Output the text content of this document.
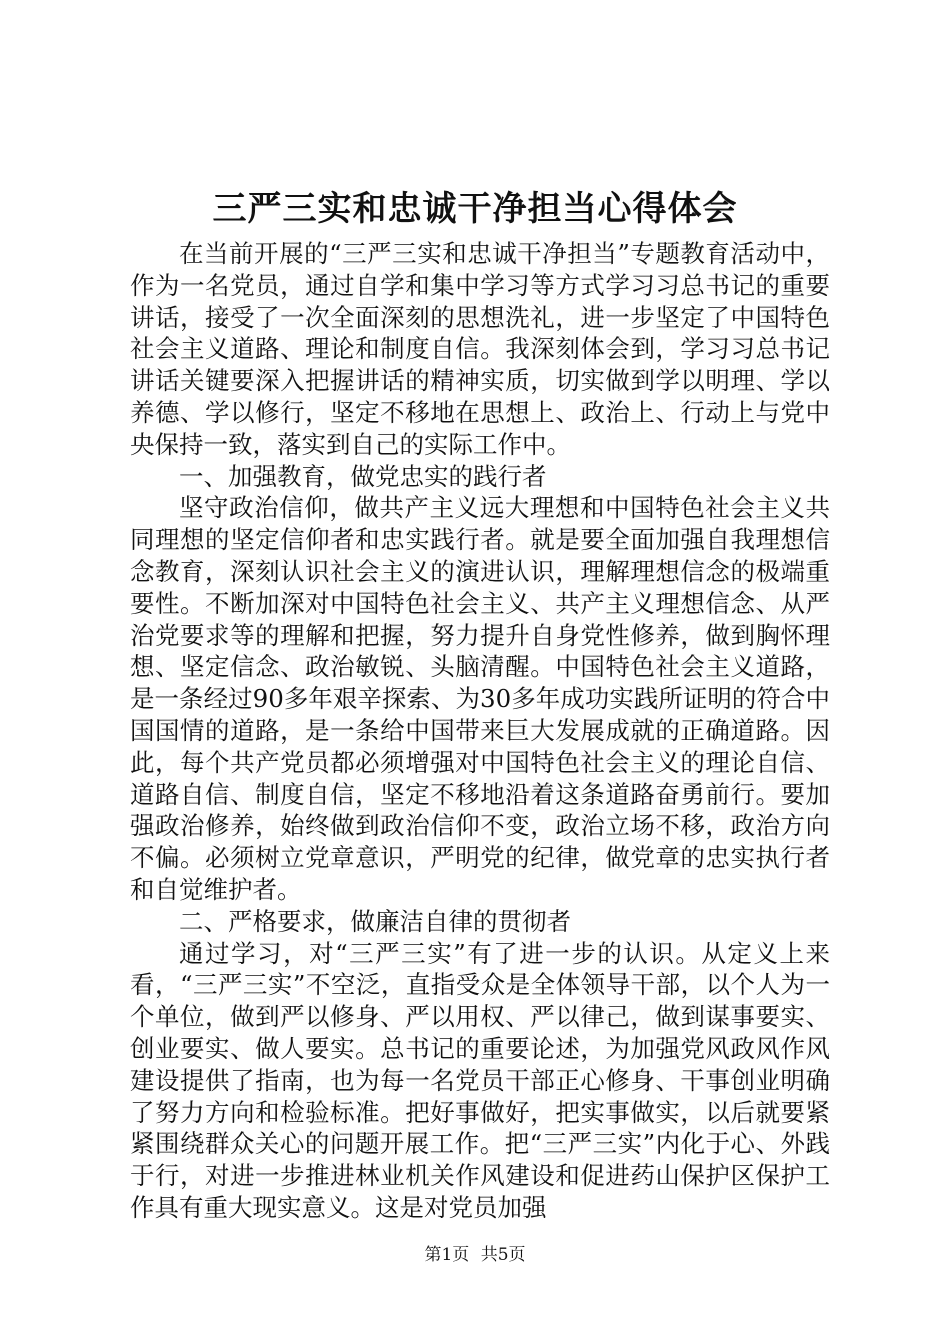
三严三实和忠诚干净担当心得体会

在当前开展的“三严三实和忠诚干净担当”专题教育活动中，作为一名党员，通过自学和集中学习等方式学习习总书记的重要讲话，接受了一次全面深刻的思想洗礼，进一步坚定了中国特色社会主义道路、理论和制度自信。我深刻体会到，学习习总书记讲话关键要深入把握讲话的精神实质，切实做到学以明理、学以养德、学以修行，坚定不移地在思想上、政治上、行动上与党中央保持一致，落实到自己的实际工作中。

一、加强教育，做党忠实的践行者

坚守政治信仰，做共产主义远大理想和中国特色社会主义共同理想的坚定信仰者和忠实践行者。就是要全面加强自我理想信念教育，深刻认识社会主义的演进认识，理解理想信念的极端重要性。不断加深对中国特色社会主义、共产主义理想信念、从严治党要求等的理解和把握，努力提升自身党性修养，做到胸怀理想、坚定信念、政治敏锐、头脑清醒。中国特色社会主义道路，是一条经过90多年艰辛探索、为30多年成功实践所证明的符合中国国情的道路，是一条给中国带来巨大发展成就的正确道路。因此，每个共产党员都必须增强对中国特色社会主义的理论自信、道路自信、制度自信，坚定不移地沿着这条道路奋勇前行。要加强政治修养，始终做到政治信仰不变，政治立场不移，政治方向不偏。必须树立党章意识，严明党的纪律，做党章的忠实执行者和自觉维护者。

二、严格要求，做廉洁自律的贯彻者

通过学习，对“三严三实”有了进一步的认识。从定义上来看，“三严三实”不空泛，直指受众是全体领导干部，以个人为一个单位，做到严以修身、严以用权、严以律己，做到谋事要实、创业要实、做人要实。总书记的重要论述，为加强党风政风作风建设提供了指南，也为每一名党员干部正心修身、干事创业明确了努力方向和检验标准。把好事做好，把实事做实，以后就要紧紧围绕群众关心的问题开展工作。把“三严三实”内化于心、外践于行，对进一步推进林业机关作风建设和促进药山保护区保护工作具有重大现实意义。这是对党员加强

第1页 共5页
